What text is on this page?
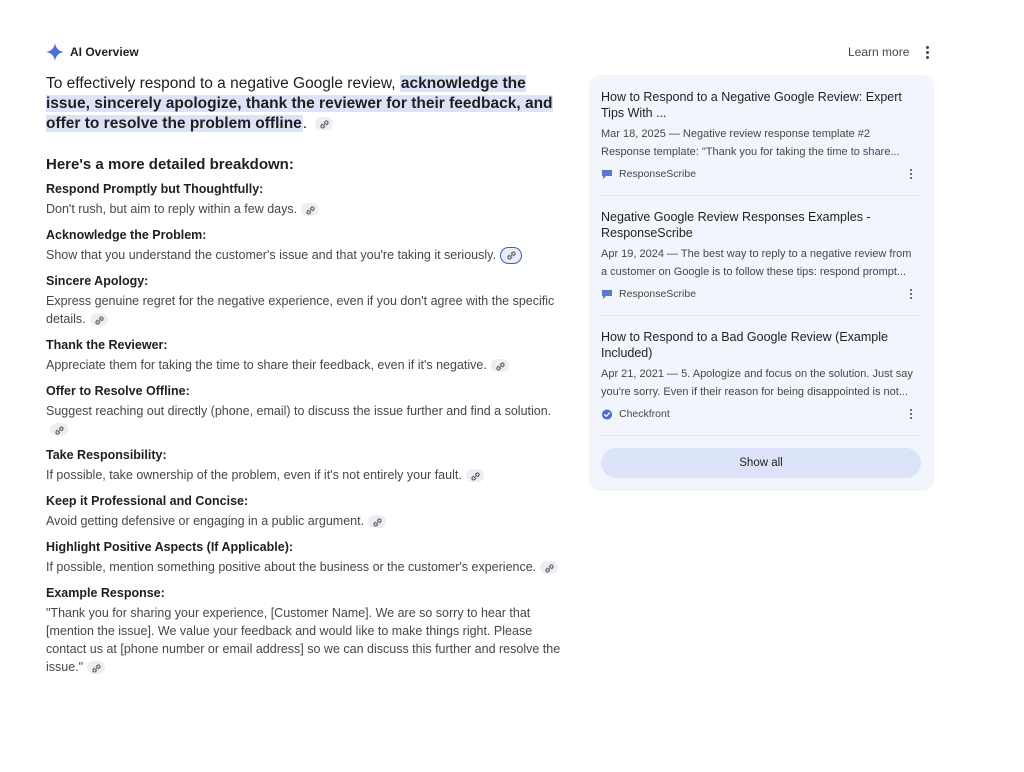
AI Overview	Learn more

To effectively respond to a negative Google review, acknowledge the issue, sincerely apologize, thank the reviewer for their feedback, and offer to resolve the problem offline.

Here's a more detailed breakdown:
Respond Promptly but Thoughtfully:
Don't rush, but aim to reply within a few days.
Acknowledge the Problem:
Show that you understand the customer's issue and that you're taking it seriously.
Sincere Apology:
Express genuine regret for the negative experience, even if you don't agree with the specific details.
Thank the Reviewer:
Appreciate them for taking the time to share their feedback, even if it's negative.
Offer to Resolve Offline:
Suggest reaching out directly (phone, email) to discuss the issue further and find a solution.
Take Responsibility:
If possible, take ownership of the problem, even if it's not entirely your fault.
Keep it Professional and Concise:
Avoid getting defensive or engaging in a public argument.
Highlight Positive Aspects (If Applicable):
If possible, mention something positive about the business or the customer's experience.
Example Response:
"Thank you for sharing your experience, [Customer Name]. We are so sorry to hear that [mention the issue]. We value your feedback and would like to make things right. Please contact us at [phone number or email address] so we can discuss this further and resolve the issue."
How to Respond to a Negative Google Review: Expert Tips With ...
Mar 18, 2025 — Negative review response template #2
Response template: "Thank you for taking the time to share...
ResponseScribe
Negative Google Review Responses Examples - ResponseScribe
Apr 19, 2024 — The best way to reply to a negative review from
a customer on Google is to follow these tips: respond prompt...
ResponseScribe
How to Respond to a Bad Google Review (Example Included)
Apr 21, 2021 — 5. Apologize and focus on the solution. Just say
you're sorry. Even if their reason for being disappointed is not...
Checkfront
Show all
